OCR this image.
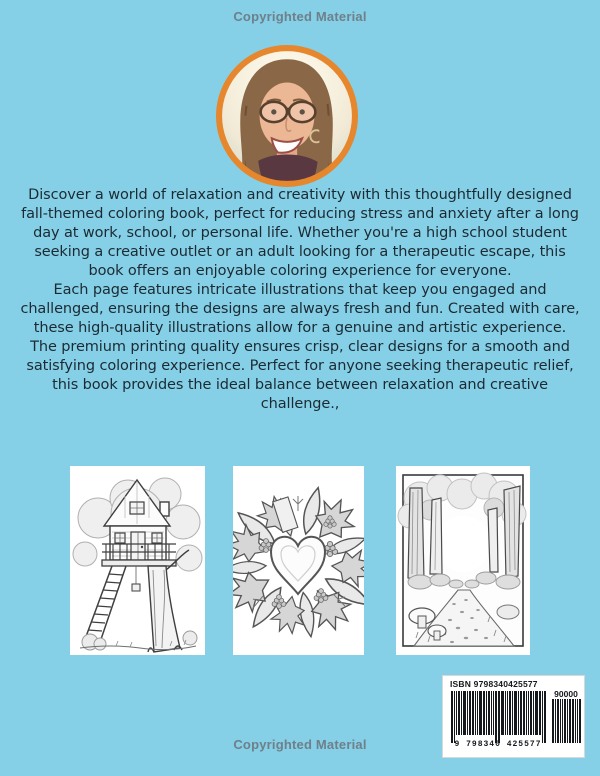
Copyrighted Material

Discover a world of relaxation and creativity with this thoughtfully designed fall-themed coloring book, perfect for reducing stress and anxiety after a long day at work, school, or personal life. Whether you're a high school student seeking a creative outlet or an adult looking for a therapeutic escape, this book offers an enjoyable coloring experience for everyone.

Each page features intricate illustrations that keep you engaged and challenged, ensuring the designs are always fresh and fun. Created with care, these high-quality illustrations allow for a genuine and artistic experience.

The premium printing quality ensures crisp, clear designs for a smooth and satisfying coloring experience. Perfect for anyone seeking therapeutic relief, this book provides the ideal balance between relaxation and creative challenge.,

ISBN 9798340425577
90000
9 798340 425577
Copyrighted Material
